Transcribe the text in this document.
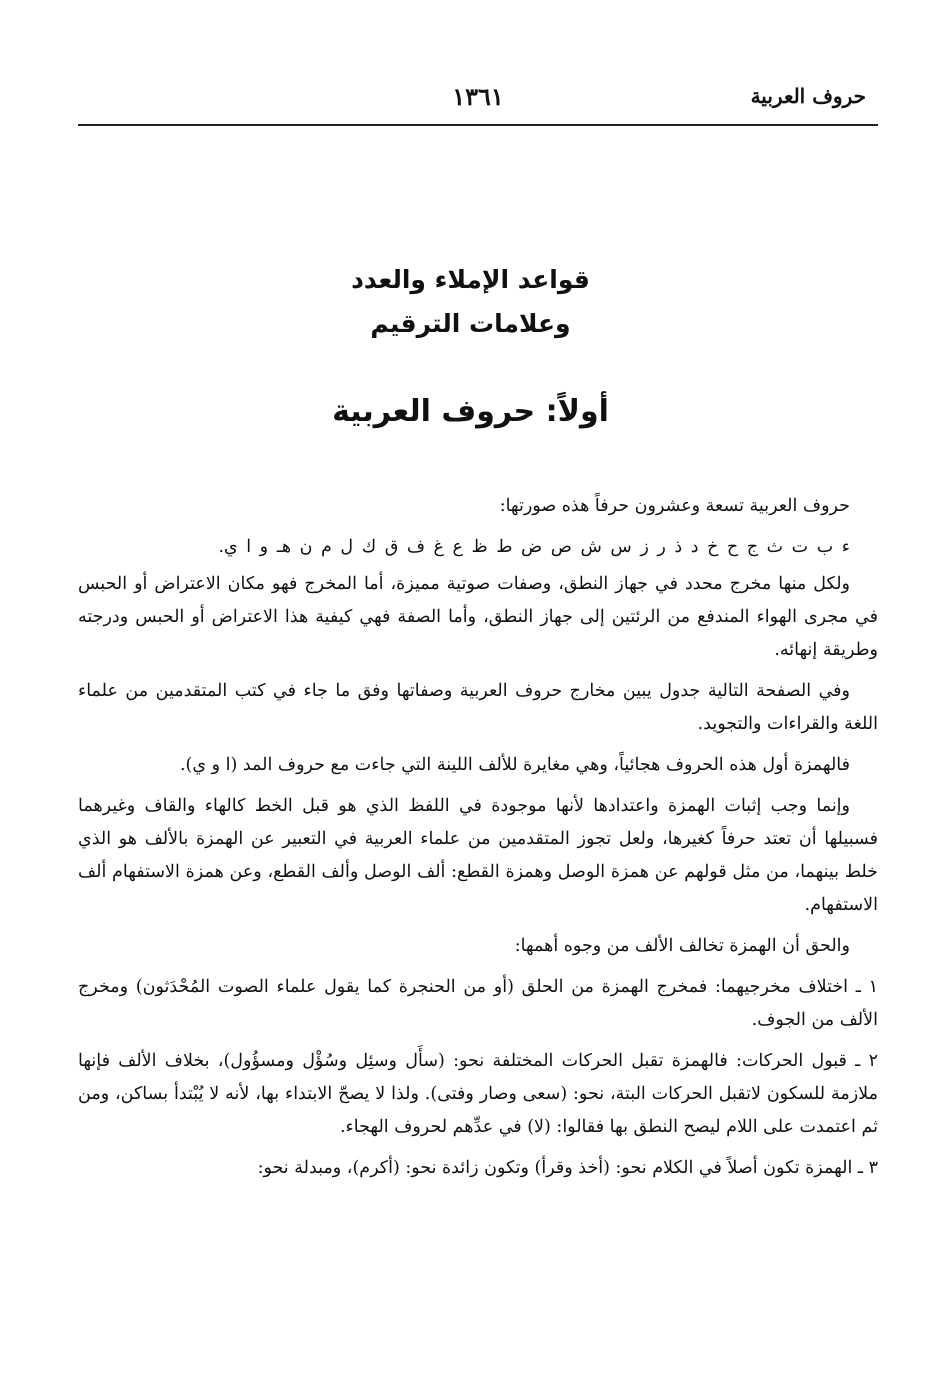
حروف العربية
١٣٦١
قواعد الإملاء والعدد
وعلامات الترقيم
أولاً: حروف العربية

حروف العربية تسعة وعشرون حرفاً هذه صورتها:

ء ب ت ث ج ح خ د ذ ر ز س ش ص ض ط ظ ع غ ف ق ك ل م ن هـ و ا ي.

ولكل منها مخرج محدد في جهاز النطق، وصفات صوتية مميزة، أما المخرج فهو مكان الاعتراض أو الحبس في مجرى الهواء المندفع من الرئتين إلى جهاز النطق، وأما الصفة فهي كيفية هذا الاعتراض أو الحبس ودرجته وطريقة إنهائه.

وفي الصفحة التالية جدول يبين مخارج حروف العربية وصفاتها وفق ما جاء في كتب المتقدمين من علماء اللغة والقراءات والتجويد.

فالهمزة أول هذه الحروف هجائياً، وهي مغايرة للألف اللينة التي جاءت مع حروف المد (ا و ي).

وإنما وجب إثبات الهمزة واعتدادها لأنها موجودة في اللفظ الذي هو قبل الخط كالهاء والقاف وغيرهما فسبيلها أن تعتد حرفاً كغيرها، ولعل تجوز المتقدمين من علماء العربية في التعبير عن الهمزة بالألف هو الذي خلط بينهما، من مثل قولهم عن همزة الوصل وهمزة القطع: ألف الوصل وألف القطع، وعن همزة الاستفهام ألف الاستفهام.

والحق أن الهمزة تخالف الألف من وجوه أهمها:

١ ـ اختلاف مخرجيهما: فمخرج الهمزة من الحلق (أو من الحنجرة كما يقول علماء الصوت المُحْدَثون) ومخرج الألف من الجوف.

٢ ـ قبول الحركات: فالهمزة تقبل الحركات المختلفة نحو: (سأَل وسئِل وسُؤْل ومسؤُول)، بخلاف الألف فإنها ملازمة للسكون لاتقبل الحركات البتة، نحو: (سعى وصار وفتى). ولذا لا يصحّ الابتداء بها، لأنه لا يُبْتدأ بساكن، ومن ثم اعتمدت على اللام ليصح النطق بها فقالوا: (لا) في عدِّهم لحروف الهجاء.

٣ ـ الهمزة تكون أصلاً في الكلام نحو: (أخذ وقرأ) وتكون زائدة نحو: (أكرم)، ومبدلة نحو:
